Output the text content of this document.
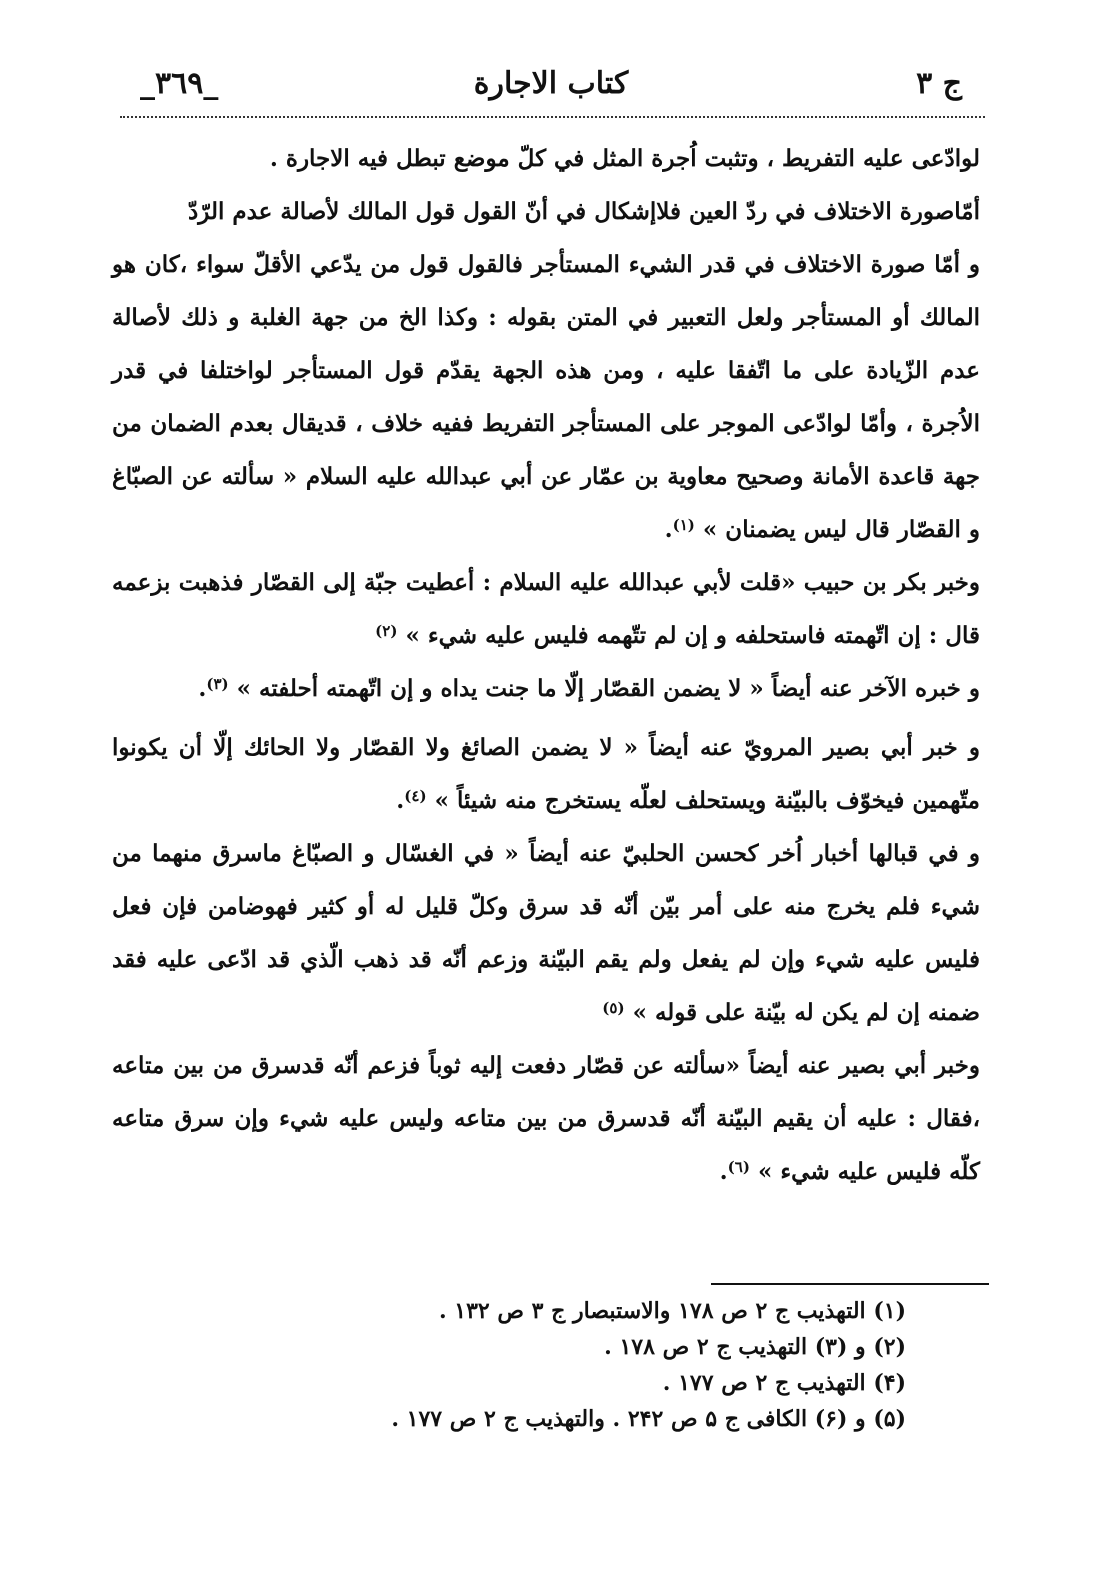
ج ٣
كتاب الاجارة
_٣٦٩_

لوادّعى عليه التفريط ، وتثبت اُجرة المثل في كلّ موضع تبطل فيه الاجارة .

أمّاصورة الاختلاف في ردّ العين فلاإشكال في أنّ القول قول المالك لأصالة عدم الرّدّ

و أمّا صورة الاختلاف في قدر الشيء المستأجر فالقول قول من يدّعي الأقلّ سواء ،كان هو المالك أو المستأجر ولعل التعبير في المتن بقوله : وكذا الخ من جهة الغلبة و ذلك لأصالة عدم الزّيادة على ما اتّفقا عليه ، ومن هذه الجهة يقدّم قول المستأجر لواختلفا في قدر الاُجرة ، وأمّا لوادّعى الموجر على المستأجر التفريط ففيه خلاف ، قديقال بعدم الضمان من جهة قاعدة الأمانة وصحيح معاوية بن عمّار عن أبي عبدالله عليه السلام « سألته عن الصبّاغ و القصّار قال ليس يضمنان » $^{(١)}$.

وخبر بكر بن حبيب «قلت لأبي عبدالله عليه السلام : أعطيت جبّة إلى القصّار فذهبت بزعمه قال : إن اتّهمته فاستحلفه و إن لم تتّهمه فليس عليه شيء » $^{(٢)}$

و خبره الآخر عنه أيضاً « لا يضمن القصّار إلّا ما جنت يداه و إن اتّهمته أحلفته » $^{(٣)}$.

و خبر أبي بصير المرويّ عنه أيضاً « لا يضمن الصائغ ولا القصّار ولا الحائك إلّا أن يكونوا متّهمين فيخوّف بالبيّنة ويستحلف لعلّه يستخرج منه شيئاً » $^{(٤)}$.

و في قبالها أخبار اُخر كحسن الحلبيّ عنه أيضاً « في الغسّال و الصبّاغ ماسرق منهما من شيء فلم يخرج منه على أمر بيّن أنّه قد سرق وكلّ قليل له أو كثير فهوضامن فإن فعل فليس عليه شيء وإن لم يفعل ولم يقم البيّنة وزعم أنّه قد ذهب الّذي قد ادّعى عليه فقد ضمنه إن لم يكن له بيّنة على قوله » $^{(٥)}$

وخبر أبي بصير عنه أيضاً «سألته عن قصّار دفعت إليه ثوباً فزعم أنّه قدسرق من بين متاعه ،فقال : عليه أن يقيم البيّنة أنّه قدسرق من بين متاعه وليس عليه شيء وإن سرق متاعه كلّه فليس عليه شيء » $^{(٦)}$.

(١) التهذيب ج ٢ ص ١٧٨ والاستبصار ج ٣ ص ١٣٢ .
(٢) و (٣) التهذيب ج ٢ ص ١٧٨ .
(۴) التهذيب ج ٢ ص ١٧٧ .
(۵) و (۶) الكافى ج ۵ ص ٢۴٢ . والتهذيب ج ٢ ص ١٧٧ .
